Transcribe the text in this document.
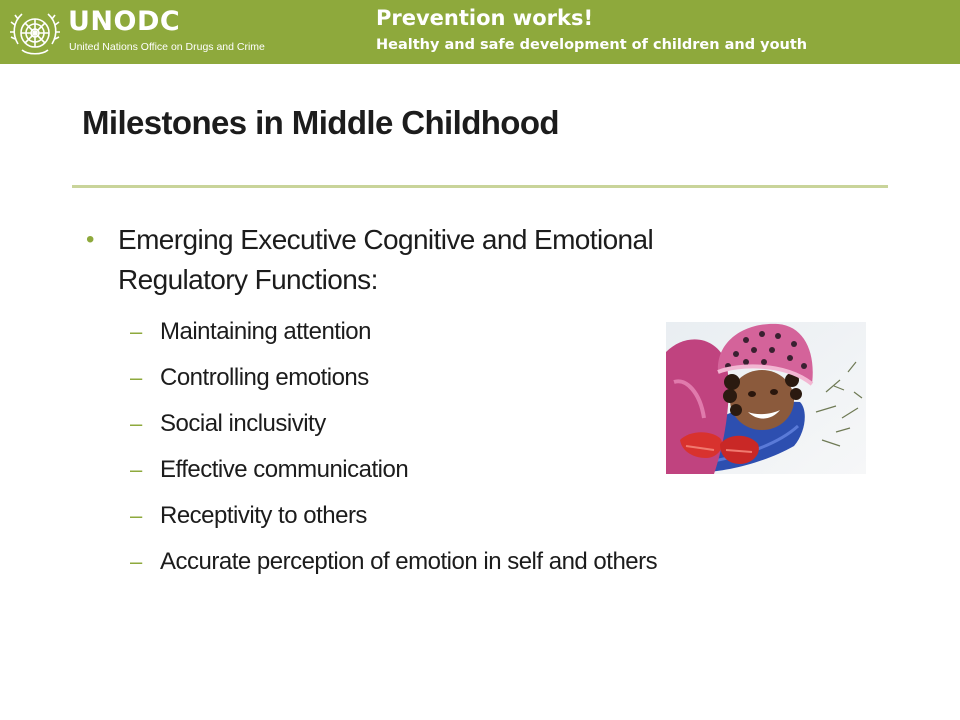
UNODC
United Nations Office on Drugs and Crime
Prevention works!
Healthy and safe development of children and youth
Milestones in Middle Childhood
• Emerging Executive Cognitive and Emotional Regulatory Functions:
– Maintaining attention
– Controlling emotions
– Social inclusivity
– Effective communication
– Receptivity to others
– Accurate perception of emotion in self and others
